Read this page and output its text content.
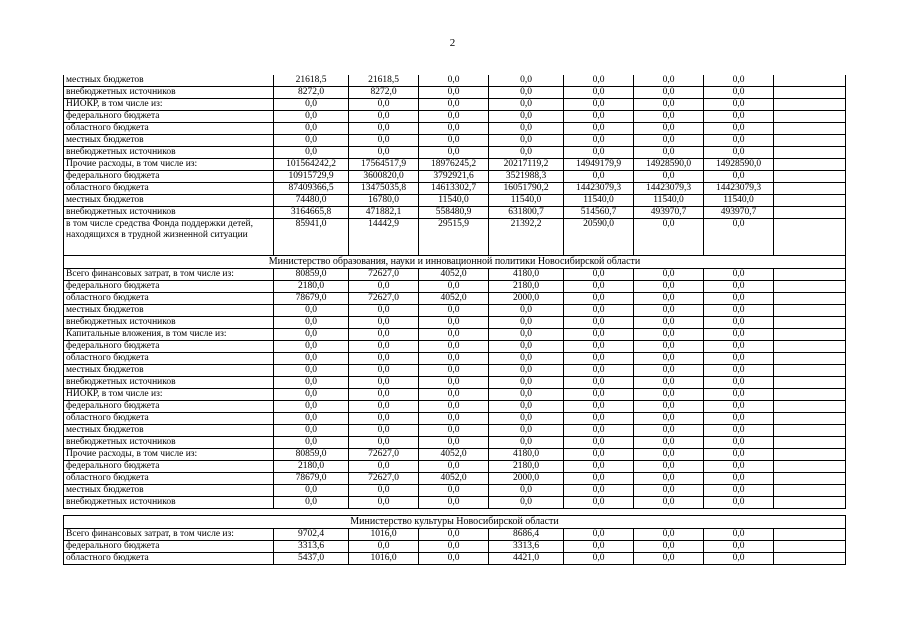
2
местных бюджетов	21618,5	21618,5	0,0	0,0	0,0	0,0	0,0	
внебюджетных источников	8272,0	8272,0	0,0	0,0	0,0	0,0	0,0	
НИОКР, в том числе из:	0,0	0,0	0,0	0,0	0,0	0,0	0,0	
федерального бюджета	0,0	0,0	0,0	0,0	0,0	0,0	0,0	
областного бюджета	0,0	0,0	0,0	0,0	0,0	0,0	0,0	
местных бюджетов	0,0	0,0	0,0	0,0	0,0	0,0	0,0	
внебюджетных источников	0,0	0,0	0,0	0,0	0,0	0,0	0,0	
Прочие расходы, в том числе из:	101564242,2	17564517,9	18976245,2	20217119,2	14949179,9	14928590,0	14928590,0	
федерального бюджета	10915729,9	3600820,0	3792921,6	3521988,3	0,0	0,0	0,0	
областного бюджета	87409366,5	13475035,8	14613302,7	16051790,2	14423079,3	14423079,3	14423079,3	
местных бюджетов	74480,0	16780,0	11540,0	11540,0	11540,0	11540,0	11540,0	
внебюджетных источников	3164665,8	471882,1	558480,9	631800,7	514560,7	493970,7	493970,7	
в том числе средства Фонда поддержки детей, находящихся в трудной жизненной ситуации	85941,0	14442,9	29515,9	21392,2	20590,0	0,0	0,0	
Министерство образования, науки и инновационной политики Новосибирской области								
Всего финансовых затрат, в том числе из:	80859,0	72627,0	4052,0	4180,0	0,0	0,0	0,0	
федерального бюджета	2180,0	0,0	0,0	2180,0	0,0	0,0	0,0	
областного бюджета	78679,0	72627,0	4052,0	2000,0	0,0	0,0	0,0	
местных бюджетов	0,0	0,0	0,0	0,0	0,0	0,0	0,0	
внебюджетных источников	0,0	0,0	0,0	0,0	0,0	0,0	0,0	
Капитальные вложения, в том числе из:	0,0	0,0	0,0	0,0	0,0	0,0	0,0	
федерального бюджета	0,0	0,0	0,0	0,0	0,0	0,0	0,0	
областного бюджета	0,0	0,0	0,0	0,0	0,0	0,0	0,0	
местных бюджетов	0,0	0,0	0,0	0,0	0,0	0,0	0,0	
внебюджетных источников	0,0	0,0	0,0	0,0	0,0	0,0	0,0	
НИОКР, в том числе из:	0,0	0,0	0,0	0,0	0,0	0,0	0,0	
федерального бюджета	0,0	0,0	0,0	0,0	0,0	0,0	0,0	
областного бюджета	0,0	0,0	0,0	0,0	0,0	0,0	0,0	
местных бюджетов	0,0	0,0	0,0	0,0	0,0	0,0	0,0	
внебюджетных источников	0,0	0,0	0,0	0,0	0,0	0,0	0,0	
Прочие расходы, в том числе из:	80859,0	72627,0	4052,0	4180,0	0,0	0,0	0,0	
федерального бюджета	2180,0	0,0	0,0	2180,0	0,0	0,0	0,0	
областного бюджета	78679,0	72627,0	4052,0	2000,0	0,0	0,0	0,0	
местных бюджетов	0,0	0,0	0,0	0,0	0,0	0,0	0,0	
внебюджетных источников	0,0	0,0	0,0	0,0	0,0	0,0	0,0	

Министерство культуры Новосибирской области								
Всего финансовых затрат, в том числе из:	9702,4	1016,0	0,0	8686,4	0,0	0,0	0,0	
федерального бюджета	3313,6	0,0	0,0	3313,6	0,0	0,0	0,0	
областного бюджета	5437,0	1016,0	0,0	4421,0	0,0	0,0	0,0	
